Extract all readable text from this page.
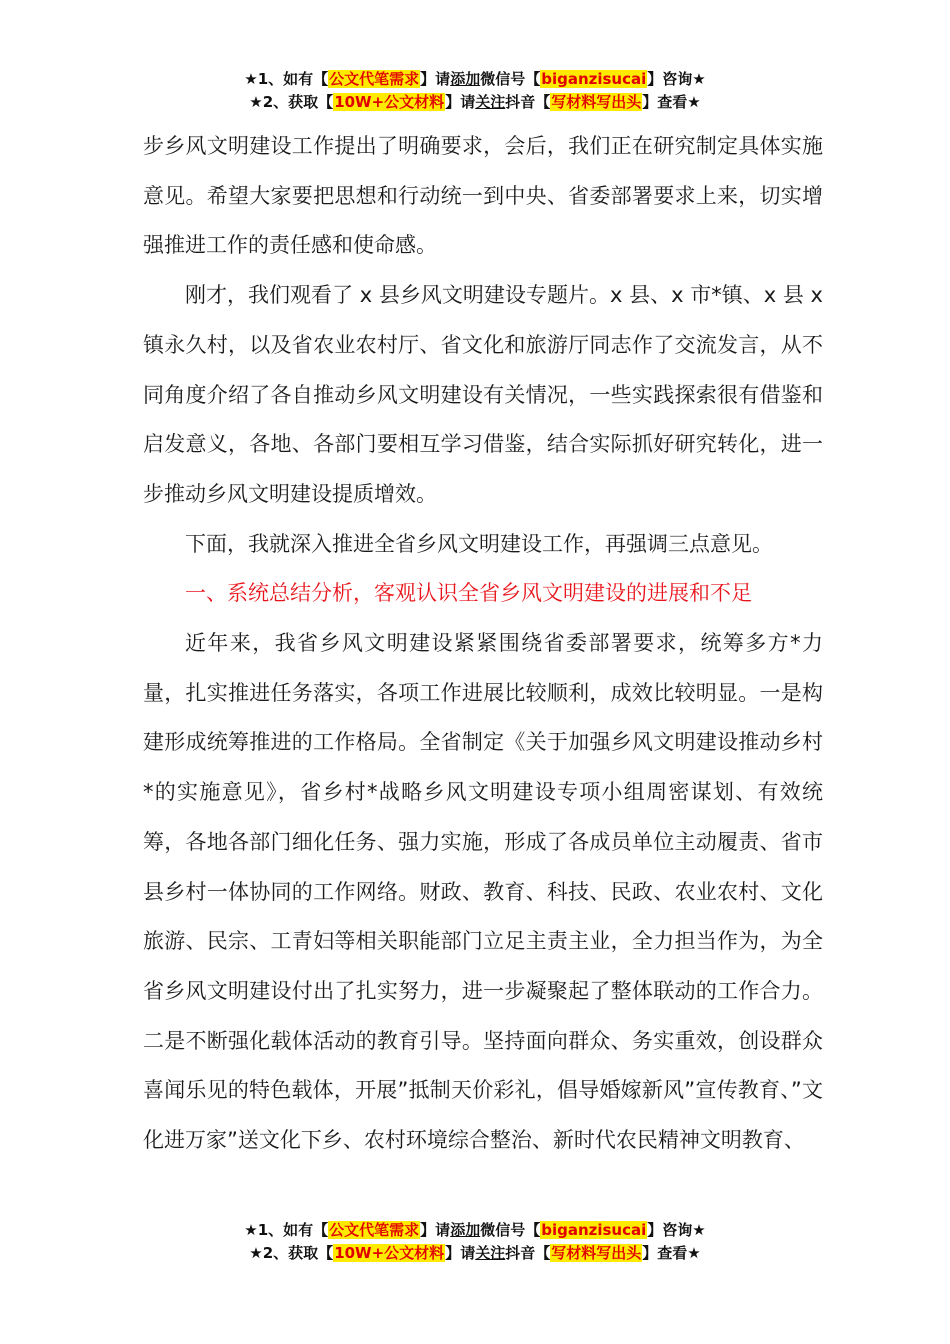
★1、如有【公文代笔需求】请添加微信号【biganzisucai】咨询★
★2、获取【10W+公文材料】请关注抖音【写材料写出头】查看★

步乡风文明建设工作提出了明确要求，会后，我们正在研究制定具体实施意见。希望大家要把思想和行动统一到中央、省委部署要求上来，切实增强推进工作的责任感和使命感。

刚才，我们观看了 x 县乡风文明建设专题片。x 县、x 市*镇、x 县 x 镇永久村，以及省农业农村厅、省文化和旅游厅同志作了交流发言，从不同角度介绍了各自推动乡风文明建设有关情况，一些实践探索很有借鉴和启发意义，各地、各部门要相互学习借鉴，结合实际抓好研究转化，进一步推动乡风文明建设提质增效。

下面，我就深入推进全省乡风文明建设工作，再强调三点意见。

一、系统总结分析，客观认识全省乡风文明建设的进展和不足

近年来，我省乡风文明建设紧紧围绕省委部署要求，统筹多方*力量，扎实推进任务落实，各项工作进展比较顺利，成效比较明显。一是构建形成统筹推进的工作格局。全省制定《关于加强乡风文明建设推动乡村*的实施意见》，省乡村*战略乡风文明建设专项小组周密谋划、有效统筹，各地各部门细化任务、强力实施，形成了各成员单位主动履责、省市县乡村一体协同的工作网络。财政、教育、科技、民政、农业农村、文化旅游、民宗、工青妇等相关职能部门立足主责主业，全力担当作为，为全省乡风文明建设付出了扎实努力，进一步凝聚起了整体联动的工作合力。二是不断强化载体活动的教育引导。坚持面向群众、务实重效，创设群众喜闻乐见的特色载体，开展”抵制天价彩礼，倡导婚嫁新风”宣传教育、”文化进万家”送文化下乡、农村环境综合整治、新时代农民精神文明教育、

★1、如有【公文代笔需求】请添加微信号【biganzisucai】咨询★
★2、获取【10W+公文材料】请关注抖音【写材料写出头】查看★
